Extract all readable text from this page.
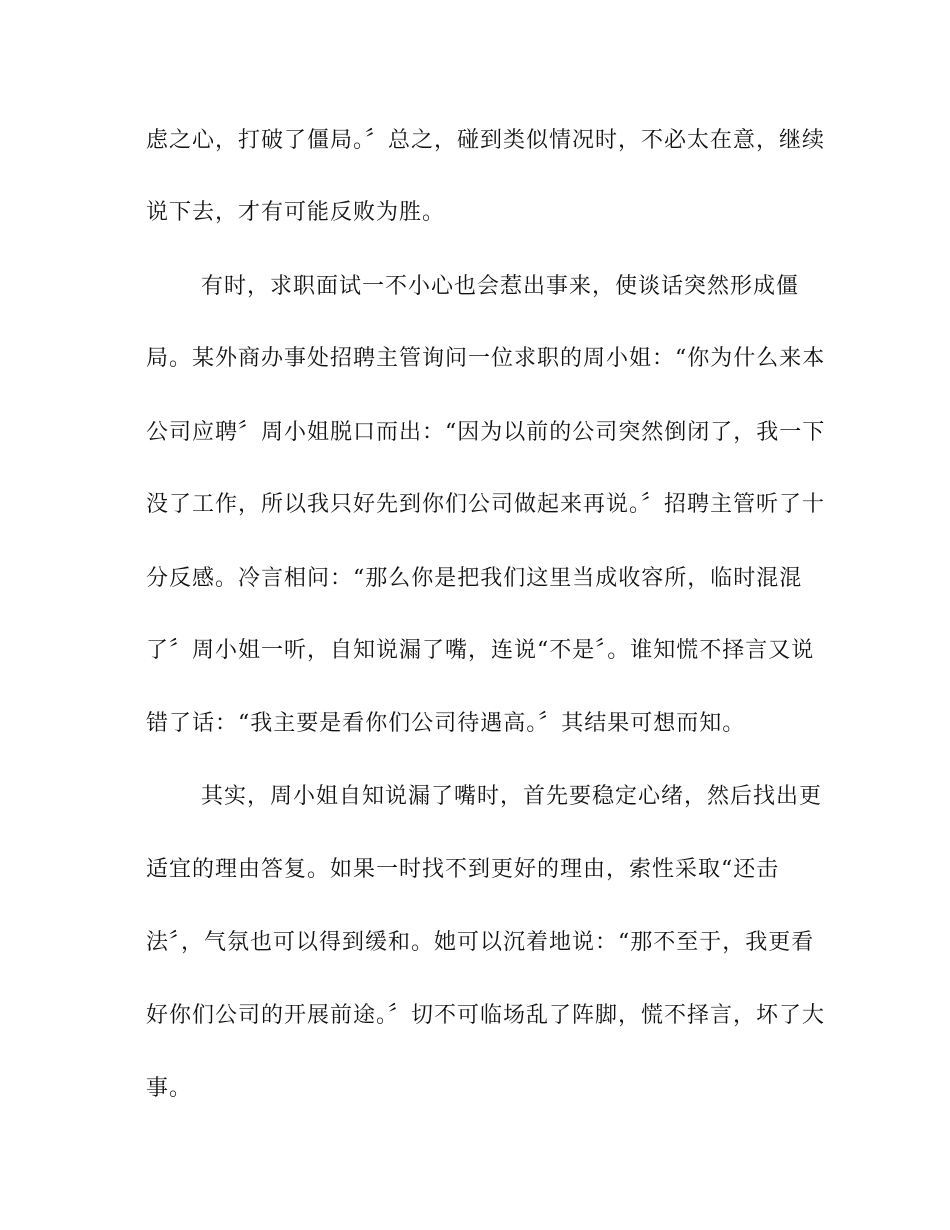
虑之心，打破了僵局。〞总之，碰到类似情况时，不必太在意，继续
说下去，才有可能反败为胜。
有时，求职面试一不小心也会惹出事来，使谈话突然形成僵
局。某外商办事处招聘主管询问一位求职的周小姐：“你为什么来本
公司应聘〞周小姐脱口而出：“因为以前的公司突然倒闭了，我一下
没了工作，所以我只好先到你们公司做起来再说。〞招聘主管听了十
分反感。冷言相问：“那么你是把我们这里当成收容所，临时混混
了〞周小姐一听，自知说漏了嘴，连说“不是〞。谁知慌不择言又说
错了话：“我主要是看你们公司待遇高。〞其结果可想而知。
其实，周小姐自知说漏了嘴时，首先要稳定心绪，然后找出更
适宜的理由答复。如果一时找不到更好的理由，索性采取“还击
法〞，气氛也可以得到缓和。她可以沉着地说：“那不至于，我更看
好你们公司的开展前途。〞切不可临场乱了阵脚，慌不择言，坏了大
事。
